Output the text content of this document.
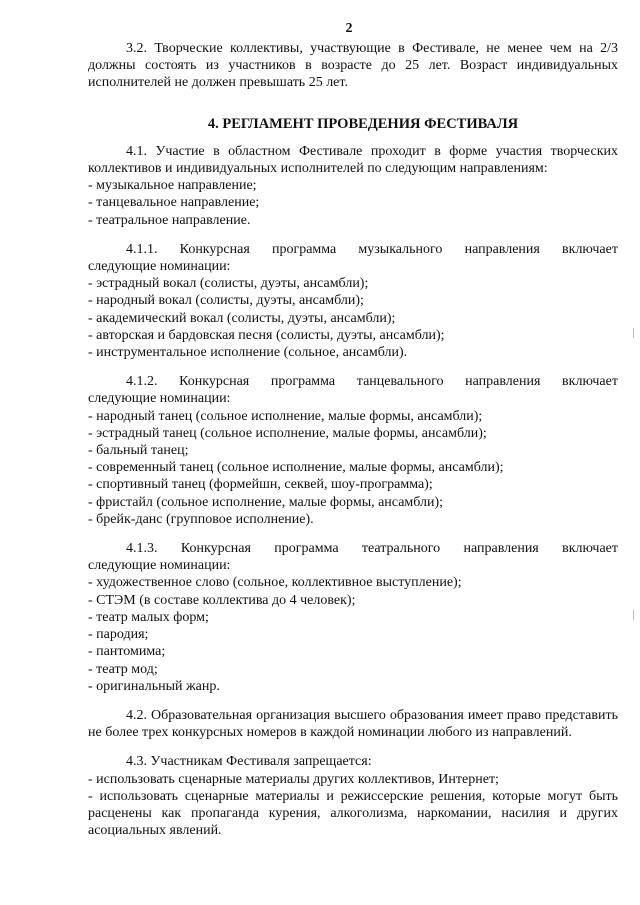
2
3.2. Творческие коллективы, участвующие в Фестивале, не менее чем на 2/3 должны состоять из участников в возрасте до 25 лет. Возраст индивидуальных исполнителей не должен превышать 25 лет.
4. РЕГЛАМЕНТ ПРОВЕДЕНИЯ ФЕСТИВАЛЯ
4.1. Участие в областном Фестивале проходит в форме участия творческих коллективов и индивидуальных исполнителей по следующим направлениям:
- музыкальное направление;
- танцевальное направление;
- театральное направление.
4.1.1. Конкурсная программа музыкального направления включает
следующие номинации:
- эстрадный вокал (солисты, дуэты, ансамбли);
- народный вокал (солисты, дуэты, ансамбли);
- академический вокал (солисты, дуэты, ансамбли);
- авторская и бардовская песня (солисты, дуэты, ансамбли);
- инструментальное исполнение (сольное, ансамбли).
4.1.2. Конкурсная программа танцевального направления включает
следующие номинации:
- народный танец (сольное исполнение, малые формы, ансамбли);
- эстрадный танец (сольное исполнение, малые формы, ансамбли);
- бальный танец;
- современный танец (сольное исполнение, малые формы, ансамбли);
- спортивный танец (формейшн, секвей, шоу-программа);
- фристайл (сольное исполнение, малые формы, ансамбли);
- брейк-данс (групповое исполнение).
4.1.3. Конкурсная программа театрального направления включает
следующие номинации:
- художественное слово (сольное, коллективное выступление);
- СТЭМ (в составе коллектива до 4 человек);
- театр малых форм;
- пародия;
- пантомима;
- театр мод;
- оригинальный жанр.
4.2. Образовательная организация высшего образования имеет право представить не более трех конкурсных номеров в каждой номинации любого из направлений.
4.3. Участникам Фестиваля запрещается:
- использовать сценарные материалы других коллективов, Интернет;
- использовать сценарные материалы и режиссерские решения, которые могут быть расценены как пропаганда курения, алкоголизма, наркомании, насилия и других асоциальных явлений.
